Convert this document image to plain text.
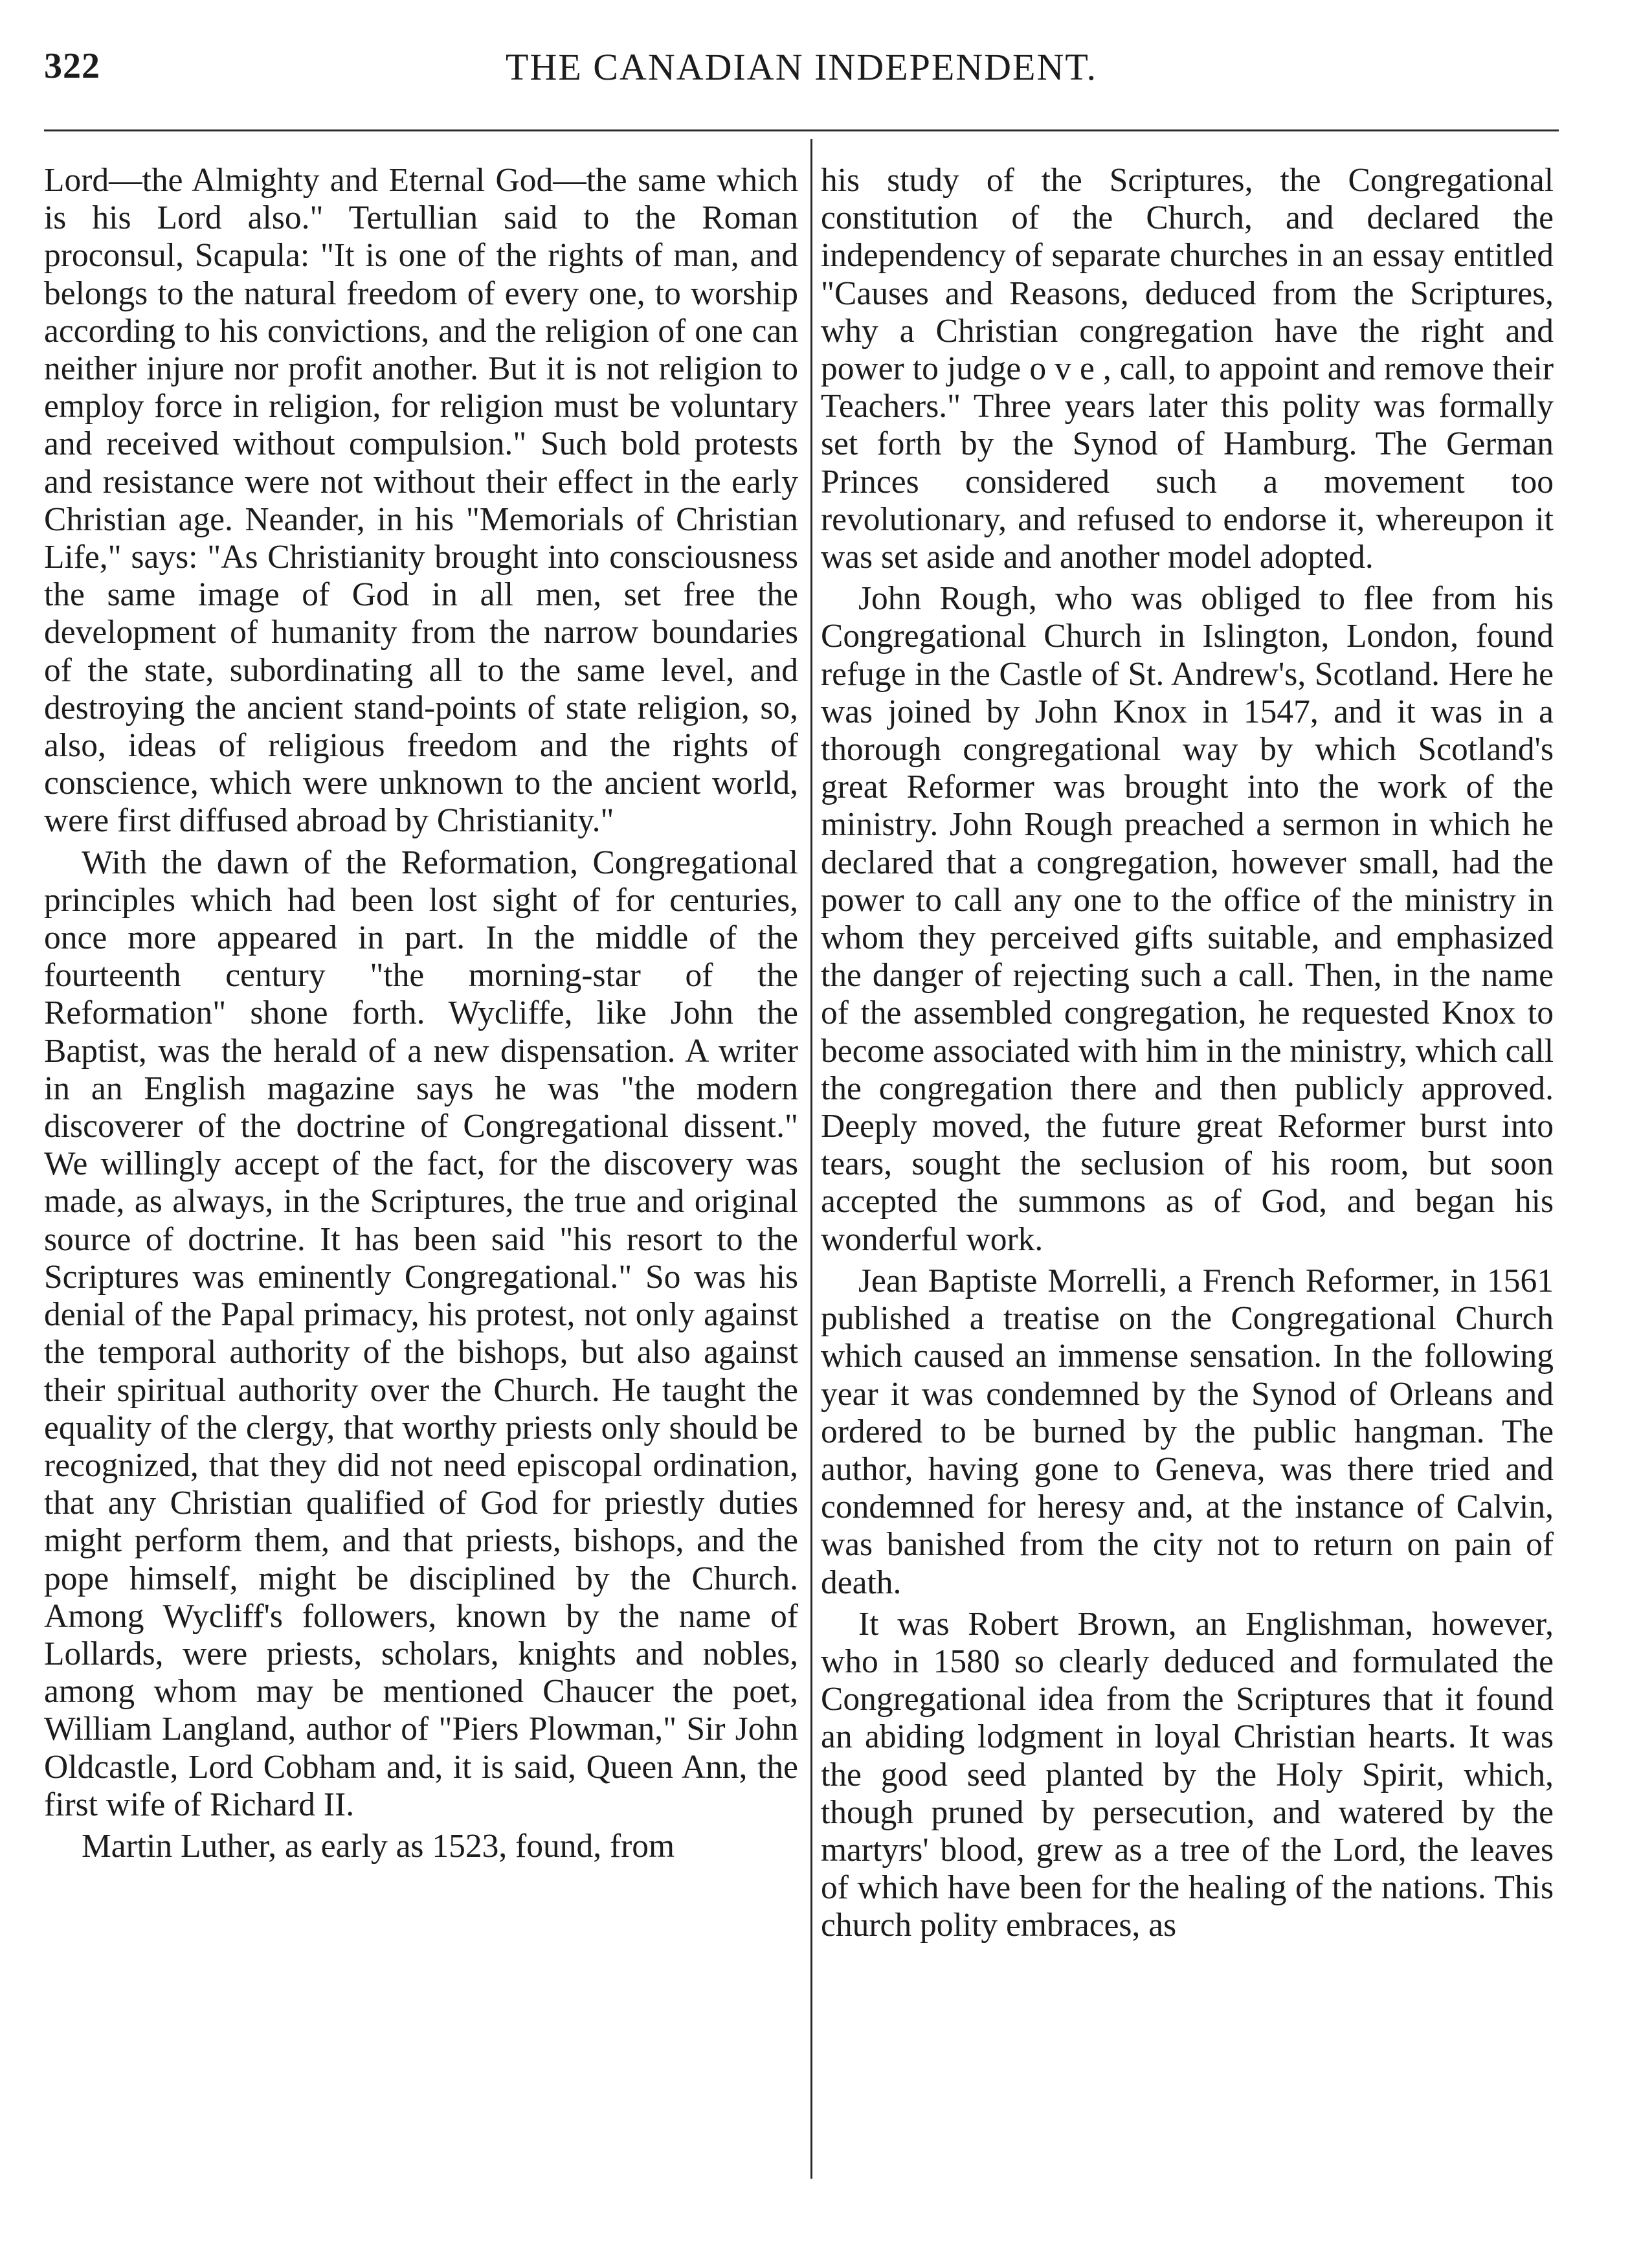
322	THE CANADIAN INDEPENDENT.

Lord—the Almighty and Eternal God—the same which is his Lord also." Tertullian said to the Roman proconsul, Scapula: "It is one of the rights of man, and belongs to the natural freedom of every one, to worship according to his convictions, and the religion of one can neither injure nor profit another. But it is not religion to employ force in religion, for religion must be voluntary and received without compulsion." Such bold protests and resistance were not without their effect in the early Christian age. Neander, in his "Memorials of Christian Life," says: "As Christianity brought into consciousness the same image of God in all men, set free the development of humanity from the narrow boundaries of the state, subordinating all to the same level, and destroying the ancient stand-points of state religion, so, also, ideas of religious freedom and the rights of conscience, which were unknown to the ancient world, were first diffused abroad by Christianity."

With the dawn of the Reformation, Congregational principles which had been lost sight of for centuries, once more appeared in part. In the middle of the fourteenth century "the morning-star of the Reformation" shone forth. Wycliffe, like John the Baptist, was the herald of a new dispensation. A writer in an English magazine says he was "the modern discoverer of the doctrine of Congregational dissent." We willingly accept of the fact, for the discovery was made, as always, in the Scriptures, the true and original source of doctrine. It has been said "his resort to the Scriptures was eminently Congregational." So was his denial of the Papal primacy, his protest, not only against the temporal authority of the bishops, but also against their spiritual authority over the Church. He taught the equality of the clergy, that worthy priests only should be recognized, that they did not need episcopal ordination, that any Christian qualified of God for priestly duties might perform them, and that priests, bishops, and the pope himself, might be disciplined by the Church. Among Wycliff's followers, known by the name of Lollards, were priests, scholars, knights and nobles, among whom may be mentioned Chaucer the poet, William Langland, author of "Piers Plowman," Sir John Oldcastle, Lord Cobham and, it is said, Queen Ann, the first wife of Richard II.

Martin Luther, as early as 1523, found, from

his study of the Scriptures, the Congregational constitution of the Church, and declared the independency of separate churches in an essay entitled "Causes and Reasons, deduced from the Scriptures, why a Christian congregation have the right and power to judge o v e , call, to appoint and remove their Teachers." Three years later this polity was formally set forth by the Synod of Hamburg. The German Princes considered such a movement too revolutionary, and refused to endorse it, whereupon it was set aside and another model adopted.

John Rough, who was obliged to flee from his Congregational Church in Islington, London, found refuge in the Castle of St. Andrew's, Scotland. Here he was joined by John Knox in 1547, and it was in a thorough congregational way by which Scotland's great Reformer was brought into the work of the ministry. John Rough preached a sermon in which he declared that a congregation, however small, had the power to call any one to the office of the ministry in whom they perceived gifts suitable, and emphasized the danger of rejecting such a call. Then, in the name of the assembled congregation, he requested Knox to become associated with him in the ministry, which call the congregation there and then publicly approved. Deeply moved, the future great Reformer burst into tears, sought the seclusion of his room, but soon accepted the summons as of God, and began his wonderful work.

Jean Baptiste Morrelli, a French Reformer, in 1561 published a treatise on the Congregational Church which caused an immense sensation. In the following year it was condemned by the Synod of Orleans and ordered to be burned by the public hangman. The author, having gone to Geneva, was there tried and condemned for heresy and, at the instance of Calvin, was banished from the city not to return on pain of death.

It was Robert Brown, an Englishman, however, who in 1580 so clearly deduced and formulated the Congregational idea from the Scriptures that it found an abiding lodgment in loyal Christian hearts. It was the good seed planted by the Holy Spirit, which, though pruned by persecution, and watered by the martyrs' blood, grew as a tree of the Lord, the leaves of which have been for the healing of the nations. This church polity embraces, as
